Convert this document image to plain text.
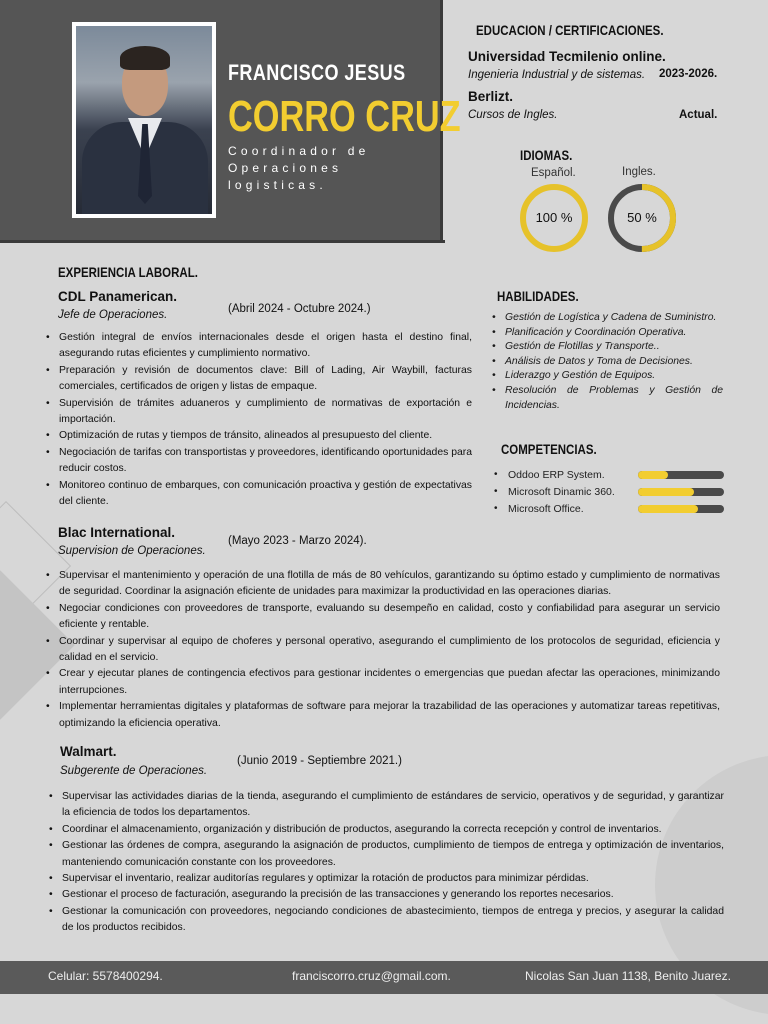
FRANCISCO JESUS
CORRO CRUZ
Coordinador de Operaciones logisticas.
EDUCACION / CERTIFICACIONES.
Universidad Tecmilenio online.
Ingenieria Industrial y de sistemas. 2023-2026.
Berlizt.
Cursos de Ingles.	Actual.
IDIOMAS.
Español.	Ingles.
100 %	50 %
HABILIDADES.
• Gestión de Logística y Cadena de Suministro.
• Planificación y Coordinación Operativa.
• Gestión de Flotillas y Transporte..
• Análisis de Datos y Toma de Decisiones.
• Liderazgo y Gestión de Equipos.
• Resolución de Problemas y Gestión de Incidencias.
COMPETENCIAS.
• Oddoo ERP System.
• Microsoft Dinamic 360.
• Microsoft Office.
EXPERIENCIA LABORAL.
CDL Panamerican.
Jefe de Operaciones.	(Abril 2024 - Octubre 2024.)
• Gestión integral de envíos internacionales desde el origen hasta el destino final, asegurando rutas eficientes y cumplimiento normativo.
• Preparación y revisión de documentos clave: Bill of Lading, Air Waybill, facturas comerciales, certificados de origen y listas de empaque.
• Supervisión de trámites aduaneros y cumplimiento de normativas de exportación e importación.
• Optimización de rutas y tiempos de tránsito, alineados al presupuesto del cliente.
• Negociación de tarifas con transportistas y proveedores, identificando oportunidades para reducir costos.
• Monitoreo continuo de embarques, con comunicación proactiva y gestión de expectativas del cliente.
Blac International.
Supervision de Operaciones.
(Mayo 2023 - Marzo 2024).
• Supervisar el mantenimiento y operación de una flotilla de más de 80 vehículos, garantizando su óptimo estado y cumplimiento de normativas de seguridad. Coordinar la asignación eficiente de unidades para maximizar la productividad en las operaciones diarias.
• Negociar condiciones con proveedores de transporte, evaluando su desempeño en calidad, costo y confiabilidad para asegurar un servicio eficiente y rentable.
• Coordinar y supervisar al equipo de choferes y personal operativo, asegurando el cumplimiento de los protocolos de seguridad, eficiencia y calidad en el servicio.
• Crear y ejecutar planes de contingencia efectivos para gestionar incidentes o emergencias que puedan afectar las operaciones, minimizando interrupciones.
• Implementar herramientas digitales y plataformas de software para mejorar la trazabilidad de las operaciones y automatizar tareas repetitivas, optimizando la eficiencia operativa.
Walmart.
Subgerente de Operaciones.
(Junio 2019 - Septiembre 2021.)
• Supervisar las actividades diarias de la tienda, asegurando el cumplimiento de estándares de servicio, operativos y de seguridad, y garantizar la eficiencia de todos los departamentos.
• Coordinar el almacenamiento, organización y distribución de productos, asegurando la correcta recepción y control de inventarios.
• Gestionar las órdenes de compra, asegurando la asignación de productos, cumplimiento de tiempos de entrega y optimización de inventarios, manteniendo comunicación constante con los proveedores.
• Supervisar el inventario, realizar auditorías regulares y optimizar la rotación de productos para minimizar pérdidas.
• Gestionar el proceso de facturación, asegurando la precisión de las transacciones y generando los reportes necesarios.
• Gestionar la comunicación con proveedores, negociando condiciones de abastecimiento, tiempos de entrega y precios, y asegurar la calidad de los productos recibidos.
Celular: 5578400294.	franciscorro.cruz@gmail.com.	Nicolas San Juan 1138, Benito Juarez.
